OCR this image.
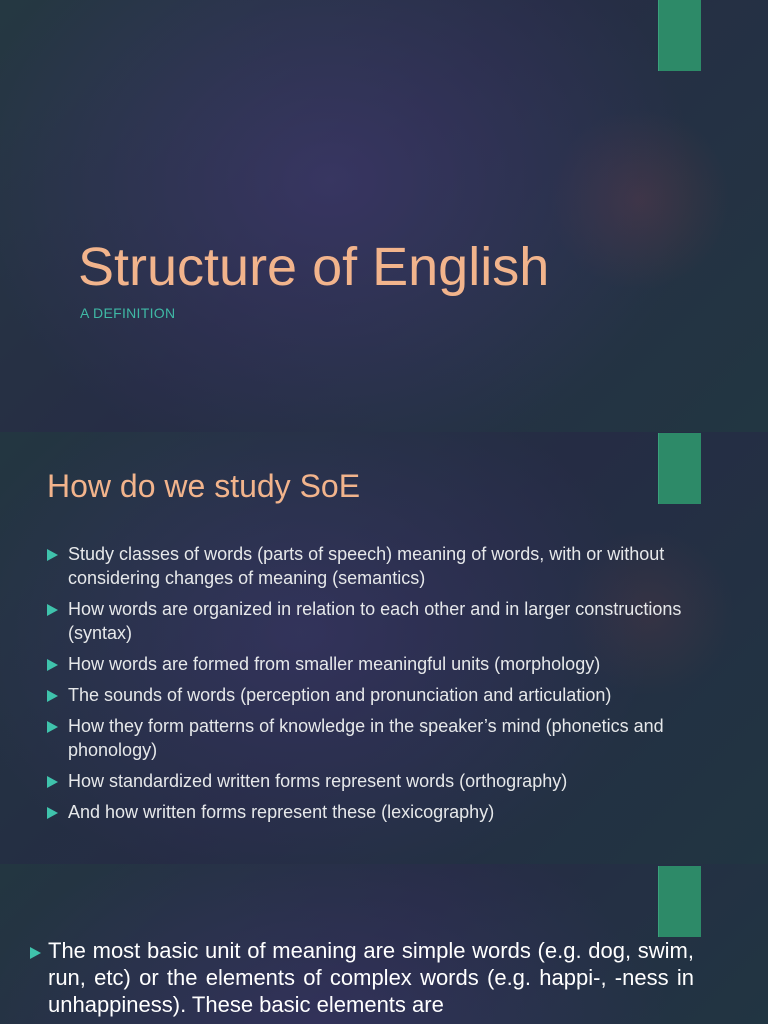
Structure of English
A DEFINITION
How do we study SoE
Study classes of words (parts of speech) meaning of words, with or without considering changes of meaning (semantics)
How words are organized in relation to each other and in larger constructions (syntax)
How words are formed from smaller meaningful units (morphology)
The sounds of words (perception and pronunciation and articulation)
How they form patterns of knowledge in the speaker’s mind (phonetics and phonology)
How standardized written forms represent words (orthography)
And how written forms represent these (lexicography)

The most basic unit of meaning are simple words (e.g. dog, swim, run, etc) or the elements of complex words (e.g. happi-, -ness in unhappiness). These basic elements are
